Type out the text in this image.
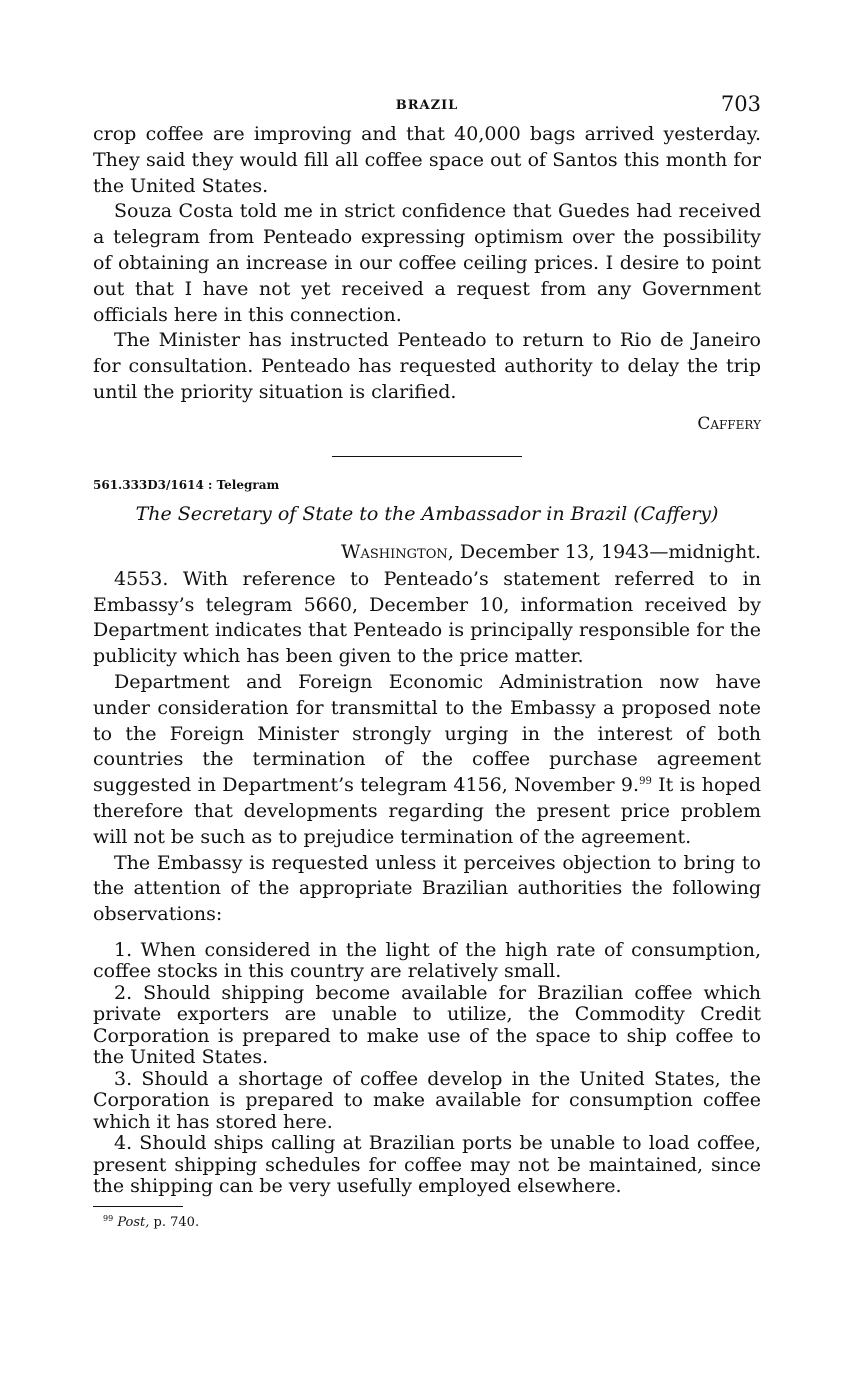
BRAZIL	703

crop coffee are improving and that 40,000 bags arrived yesterday. They said they would fill all coffee space out of Santos this month for the United States.

Souza Costa told me in strict confidence that Guedes had received a telegram from Penteado expressing optimism over the possibility of obtaining an increase in our coffee ceiling prices. I desire to point out that I have not yet received a request from any Government officials here in this connection.

The Minister has instructed Penteado to return to Rio de Janeiro for consultation. Penteado has requested authority to delay the trip until the priority situation is clarified.

Caffery
561.333D3/1614 : Telegram
The Secretary of State to the Ambassador in Brazil (Caffery)
Washington, December 13, 1943—midnight.

4553. With reference to Penteado’s statement referred to in Embassy’s telegram 5660, December 10, information received by Department indicates that Penteado is principally responsible for the publicity which has been given to the price matter.

Department and Foreign Economic Administration now have under consideration for transmittal to the Embassy a proposed note to the Foreign Minister strongly urging in the interest of both countries the termination of the coffee purchase agreement suggested in Department’s telegram 4156, November 9.99 It is hoped therefore that developments regarding the present price problem will not be such as to prejudice termination of the agreement.

The Embassy is requested unless it perceives objection to bring to the attention of the appropriate Brazilian authorities the following observations:

1. When considered in the light of the high rate of consumption, coffee stocks in this country are relatively small.

2. Should shipping become available for Brazilian coffee which private exporters are unable to utilize, the Commodity Credit Corporation is prepared to make use of the space to ship coffee to the United States.

3. Should a shortage of coffee develop in the United States, the Corporation is prepared to make available for consumption coffee which it has stored here.

4. Should ships calling at Brazilian ports be unable to load coffee, present shipping schedules for coffee may not be maintained, since the shipping can be very usefully employed elsewhere.

$^{99}$ Post, p. 740.
